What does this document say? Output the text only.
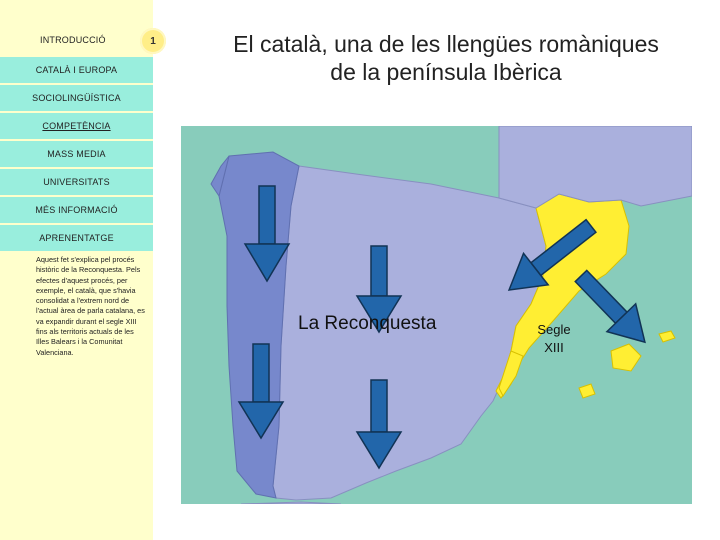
INTRODUCCIÓ
CATALÀ I EUROPA
SOCIOLINGÜÍSTICA
COMPETÈNCIA
MASS MEDIA
UNIVERSITATS
MÉS INFORMACIÓ
APRENENTATGE
Aquest fet s'explica pel procés històric de la Reconquesta. Pels efectes d'aquest procés, per exemple, el català, que s'havia consolidat a l'extrem nord de l'actual àrea de parla catalana, es va expandir durant el segle XIII fins als territoris actuals de les Illes Balears i la Comunitat Valenciana.
1	El català, una de les llengües romàniques
de la península Ibèrica
La Reconquesta	Segle
XIII
